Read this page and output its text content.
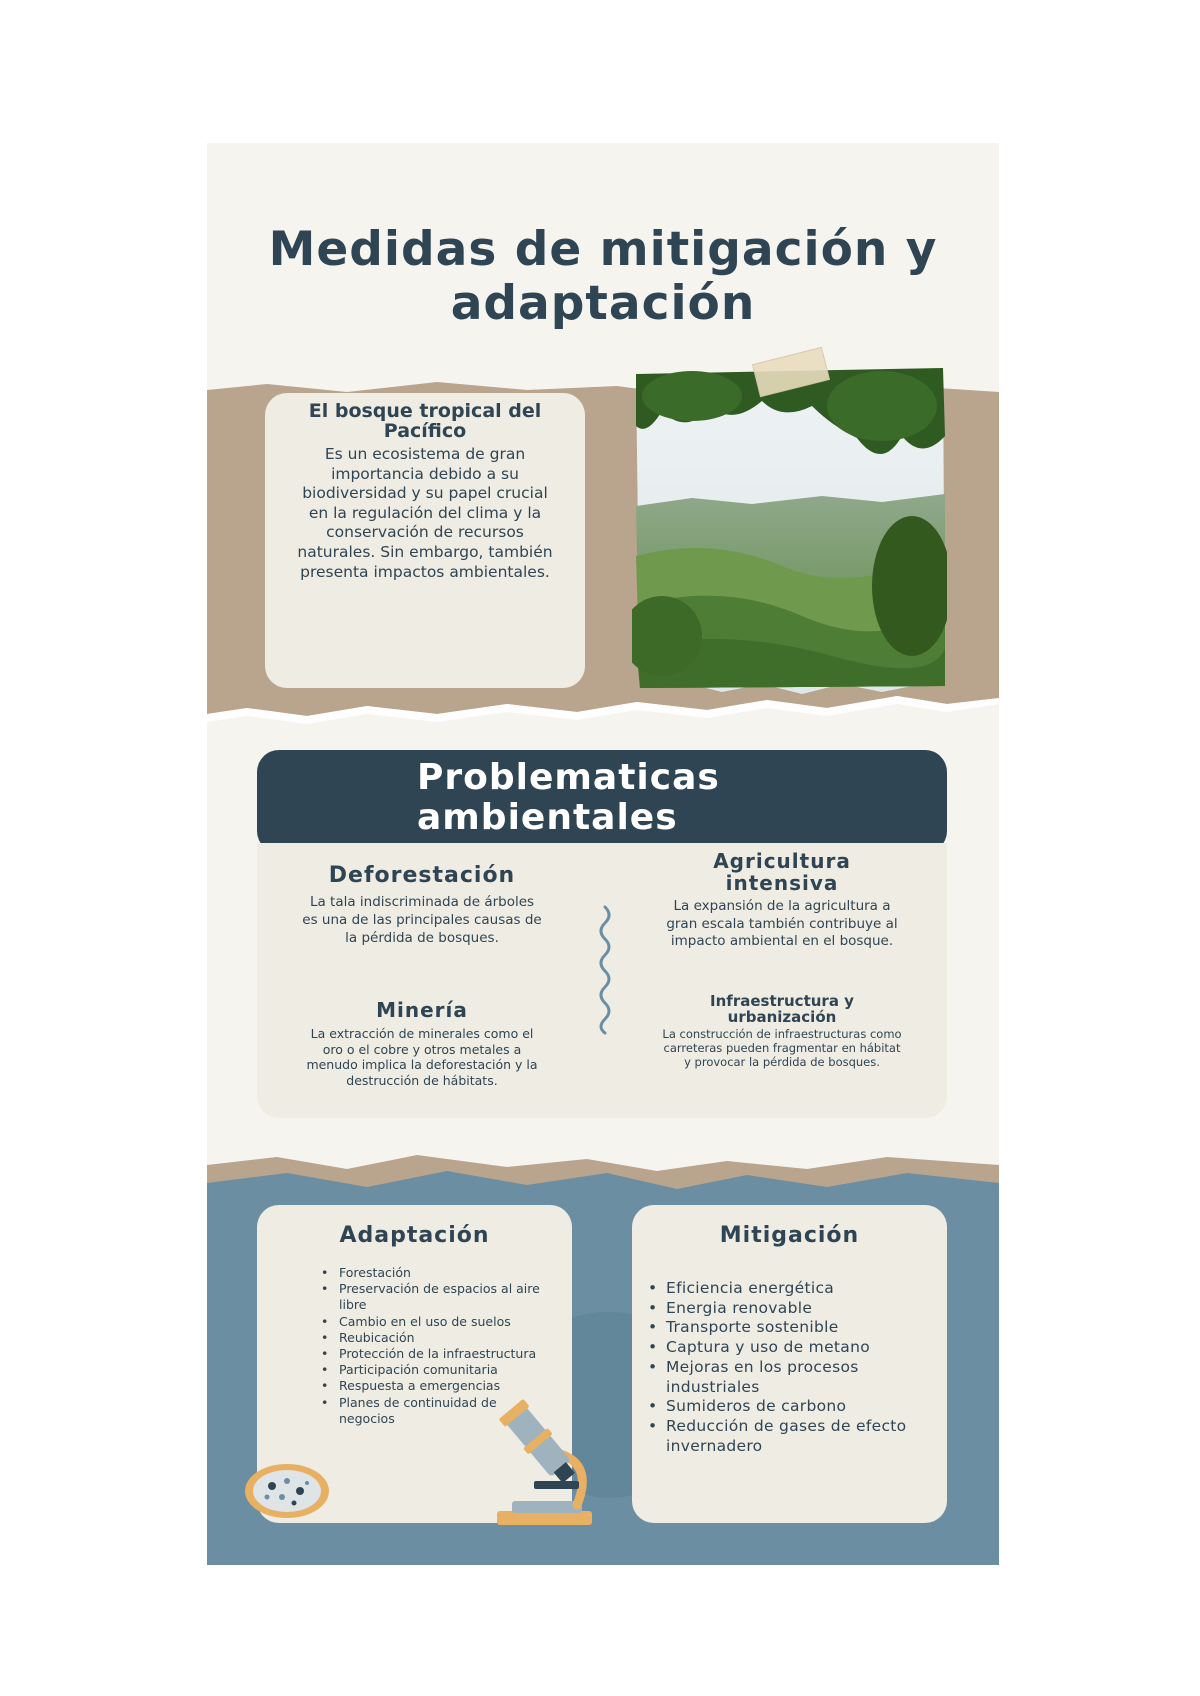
Medidas de mitigación y adaptación
El bosque tropical del Pacífico

Es un ecosistema de gran importancia debido a su biodiversidad y su papel crucial en la regulación del clima y la conservación de recursos naturales. Sin embargo, también presenta impactos ambientales.

Problematicas ambientales
Deforestación

La tala indiscriminada de árboles es una de las principales causas de la pérdida de bosques.

Minería

La extracción de minerales como el oro o el cobre y otros metales a menudo implica la deforestación y la destrucción de hábitats.

Agricultura intensiva

La expansión de la agricultura a gran escala también contribuye al impacto ambiental en el bosque.

Infraestructura y urbanización

La construcción de infraestructuras como carreteras pueden fragmentar en hábitat y provocar la pérdida de bosques.

Adaptación
• Forestación
• Preservación de espacios al aire libre
• Cambio en el uso de suelos
• Reubicación
• Protección de la infraestructura
• Participación comunitaria
• Respuesta a emergencias
• Planes de continuidad de negocios
Mitigación
• Eficiencia energética
• Energia renovable
• Transporte sostenible
• Captura y uso de metano
• Mejoras en los procesos industriales
• Sumideros de carbono
• Reducción de gases de efecto invernadero
